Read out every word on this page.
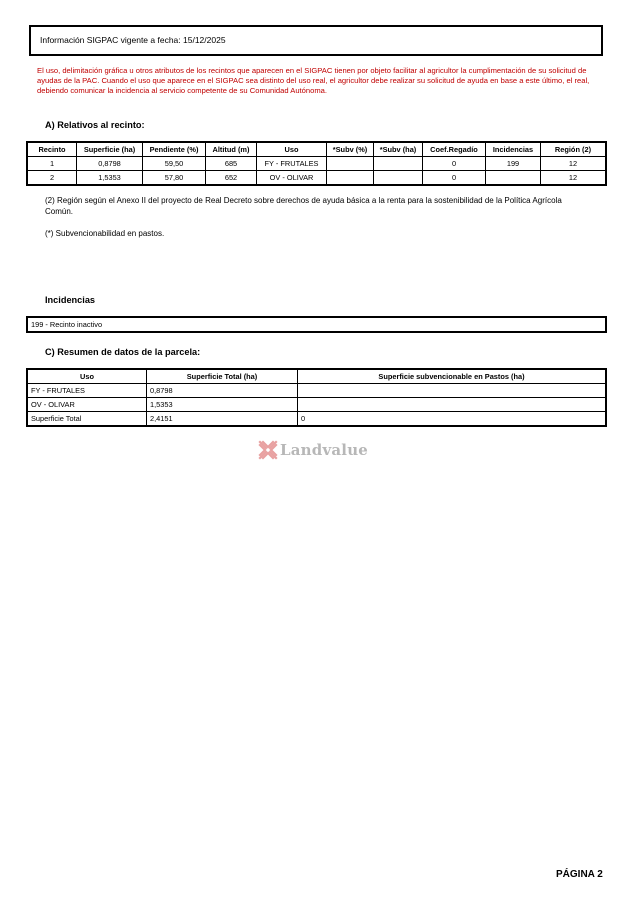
Información SIGPAC vigente a fecha: 15/12/2025
El uso, delimitación gráfica u otros atributos de los recintos que aparecen en el SIGPAC tienen por objeto facilitar al agricultor la cumplimentación de su solicitud de ayudas de la PAC. Cuando el uso que aparece en el SIGPAC sea distinto del uso real, el agricultor debe realizar su solicitud de ayuda en base a este último, el real, debiendo comunicar la incidencia al servicio competente de su Comunidad Autónoma.
A) Relativos al recinto:
Recinto	Superficie (ha)	Pendiente (%)	Altitud (m)	Uso	*Subv (%)	*Subv (ha)	Coef.Regadío	Incidencias	Región (2)
1	0,8798	59,50	685	FY - FRUTALES			0	199	12
2	1,5353	57,80	652	OV - OLIVAR			0		12
(2) Región según el Anexo II del proyecto de Real Decreto sobre derechos de ayuda básica a la renta para la sostenibilidad de la Política Agrícola Común.
(*) Subvencionabilidad en pastos.
Incidencias
199 - Recinto inactivo
C) Resumen de datos de la parcela:
Uso	Superficie Total (ha)	Superficie subvencionable en Pastos (ha)
FY - FRUTALES	0,8798	
OV - OLIVAR	1,5353	
Superficie Total	2,4151	0
Landvalue
PÁGINA 2
